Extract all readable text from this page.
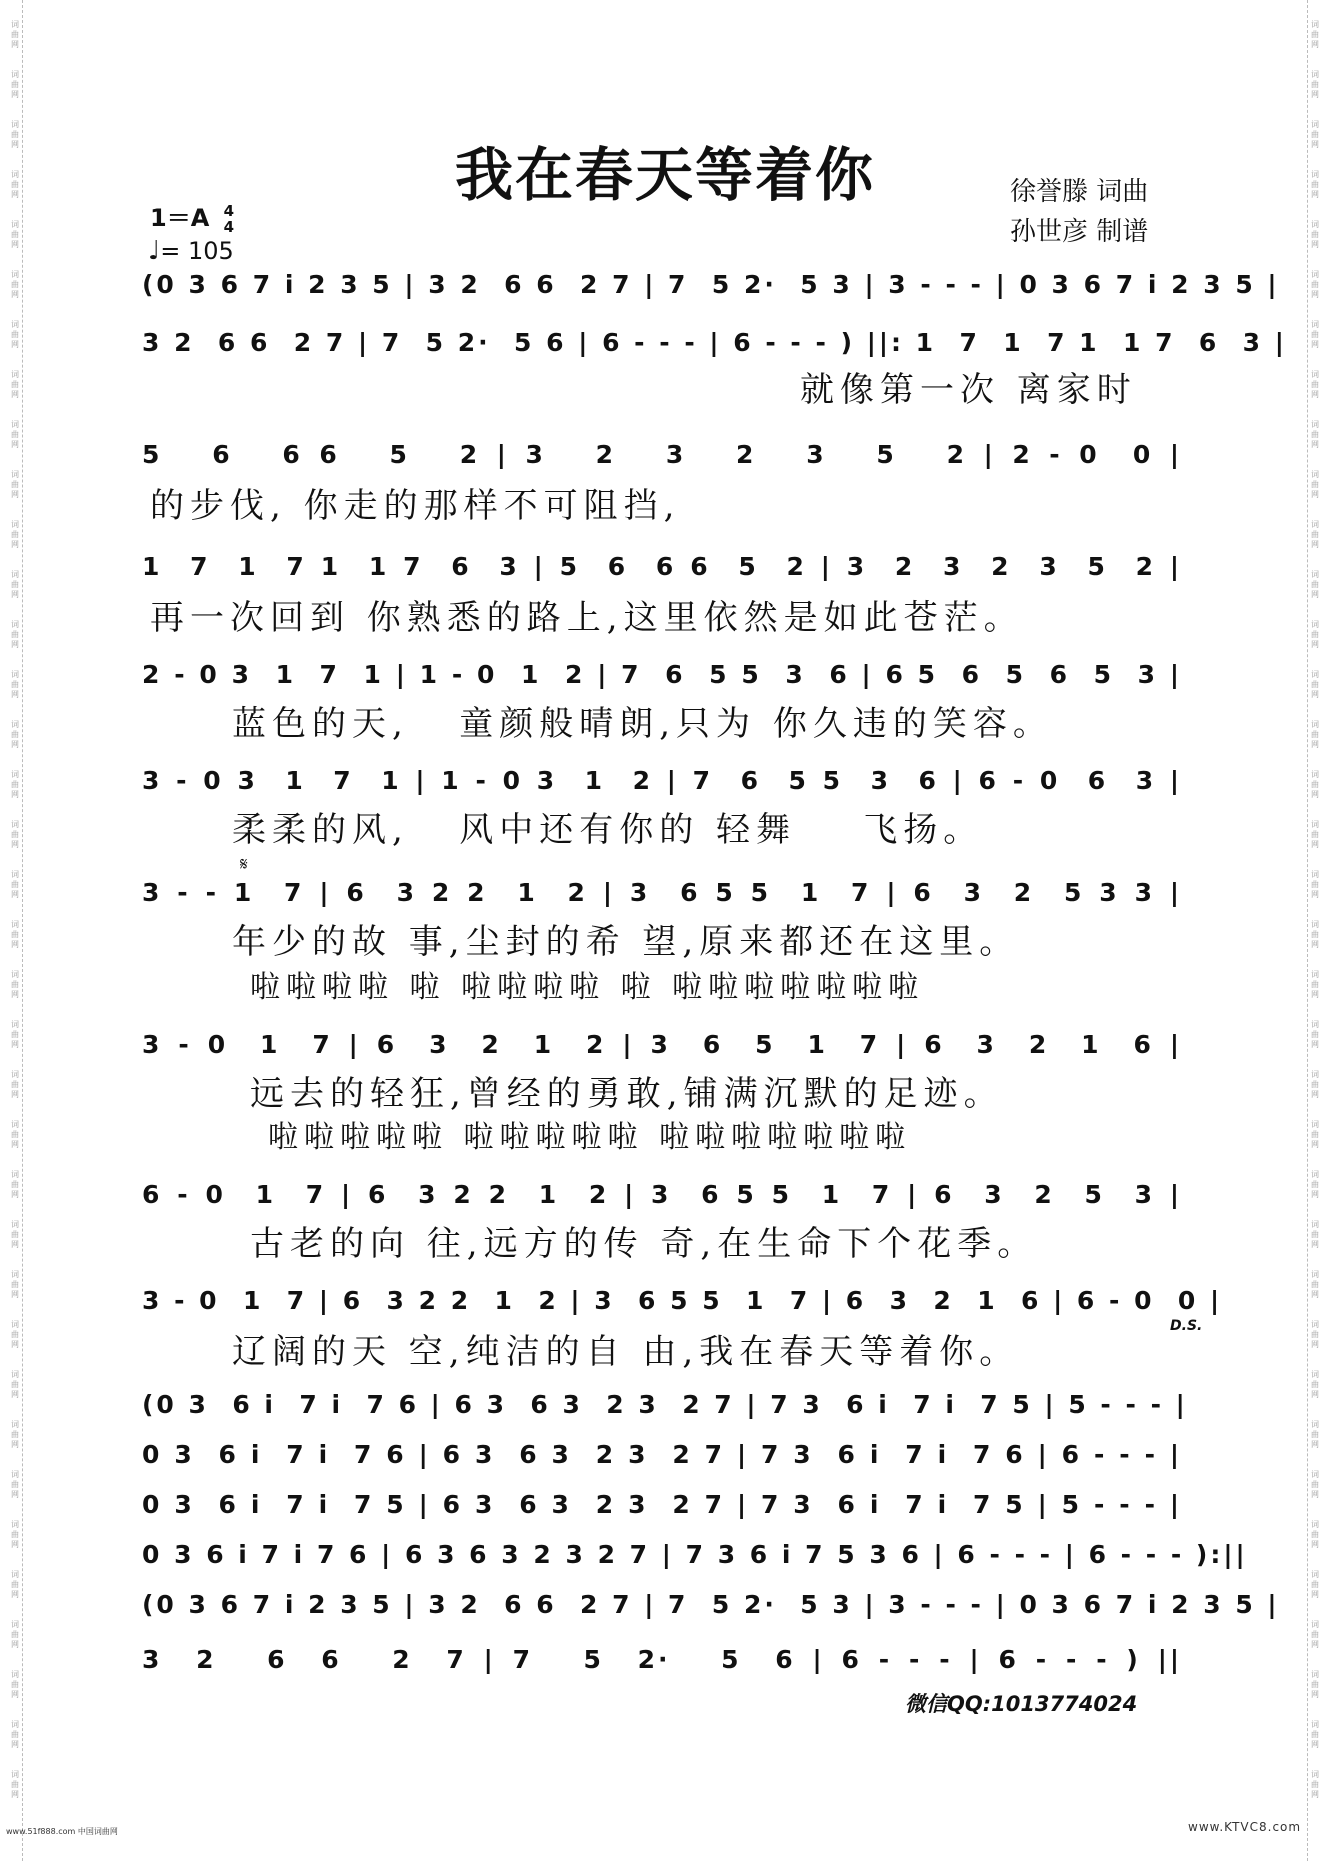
词曲网
词曲网
词曲网
词曲网
词曲网
词曲网
词曲网
词曲网
词曲网
词曲网
词曲网
词曲网
词曲网
词曲网
词曲网
词曲网
词曲网
词曲网
词曲网
词曲网
词曲网
词曲网
词曲网
词曲网
词曲网
词曲网
词曲网
词曲网
词曲网
词曲网
词曲网
词曲网
词曲网
词曲网
词曲网
词曲网
词曲网
词曲网
词曲网
词曲网
词曲网
词曲网
词曲网
词曲网
词曲网
词曲网
词曲网
词曲网
词曲网
词曲网
词曲网
词曲网
词曲网
词曲网
词曲网
词曲网
词曲网
词曲网
词曲网
词曲网
词曲网
词曲网
词曲网
词曲网
词曲网
词曲网
词曲网
词曲网
词曲网
词曲网
词曲网
词曲网
我在春天等着你	徐誉滕 词曲
孙世彦 制谱
1＝A 4
4
♩= 105
(0 3 6 7 i 2 3 5 | 3 2  6 6  2 7 | 7  5 2·  5 3 | 3 - - - | 0 3 6 7 i 2 3 5 |
3 2  6 6  2 7 | 7  5 2·  5 6 | 6 - - - | 6 - - - ) ||: 1  7  1  7 1  1 7  6  3 |
就像第一次 离家时
5   6   6 6   5   2 | 3   2   3   2   3   5   2 | 2 - 0  0 |
的步伐, 你走的那样不可阻挡,
1  7  1  7 1  1 7  6  3 | 5  6  6 6  5  2 | 3  2  3  2  3  5  2 |
再一次回到 你熟悉的路上,这里依然是如此苍茫。
2 - 0 3  1  7  1 | 1 - 0  1  2 | 7  6  5 5  3  6 | 6 5  6  5  6  5  3 |
蓝色的天,   童颜般晴朗,只为 你久违的笑容。
3 - 0 3  1  7  1 | 1 - 0 3  1  2 | 7  6  5 5  3  6 | 6 - 0  6  3 |
柔柔的风,   风中还有你的 轻舞    飞扬。
3 - - 1  7 | 6  3 2 2  1  2 | 3  6 5 5  1  7 | 6  3  2  5 3 3 |
年少的故 事,尘封的希 望,原来都还在这里。
啦啦啦啦 啦 啦啦啦啦 啦 啦啦啦啦啦啦啦
3 - 0  1  7 | 6  3  2  1  2 | 3  6  5  1  7 | 6  3  2  1  6 |
远去的轻狂,曾经的勇敢,铺满沉默的足迹。
啦啦啦啦啦 啦啦啦啦啦 啦啦啦啦啦啦啦
6 - 0  1  7 | 6  3 2 2  1  2 | 3  6 5 5  1  7 | 6  3  2  5  3 |
古老的向 往,远方的传 奇,在生命下个花季。
3 - 0  1  7 | 6  3 2 2  1  2 | 3  6 5 5  1  7 | 6  3  2  1  6 | 6 - 0  0 |
辽阔的天 空,纯洁的自 由,我在春天等着你。
(0 3  6 i  7 i  7 6 | 6 3  6 3  2 3  2 7 | 7 3  6 i  7 i  7 5 | 5 - - - |
0 3  6 i  7 i  7 6 | 6 3  6 3  2 3  2 7 | 7 3  6 i  7 i  7 6 | 6 - - - |
0 3  6 i  7 i  7 5 | 6 3  6 3  2 3  2 7 | 7 3  6 i  7 i  7 5 | 5 - - - |
0 3 6 i 7 i 7 6 | 6 3 6 3 2 3 2 7 | 7 3 6 i 7 5 3 6 | 6 - - - | 6 - - - ):||
(0 3 6 7 i 2 3 5 | 3 2  6 6  2 7 | 7  5 2·  5 3 | 3 - - - | 0 3 6 7 i 2 3 5 |
3  2   6  6   2  7 | 7   5  2·   5  6 | 6 - - - | 6 - - - ) ||
𝄋
D.S.
微信QQ:1013774024
www.51f888.com 中国词曲网	www.KTVC8.com
